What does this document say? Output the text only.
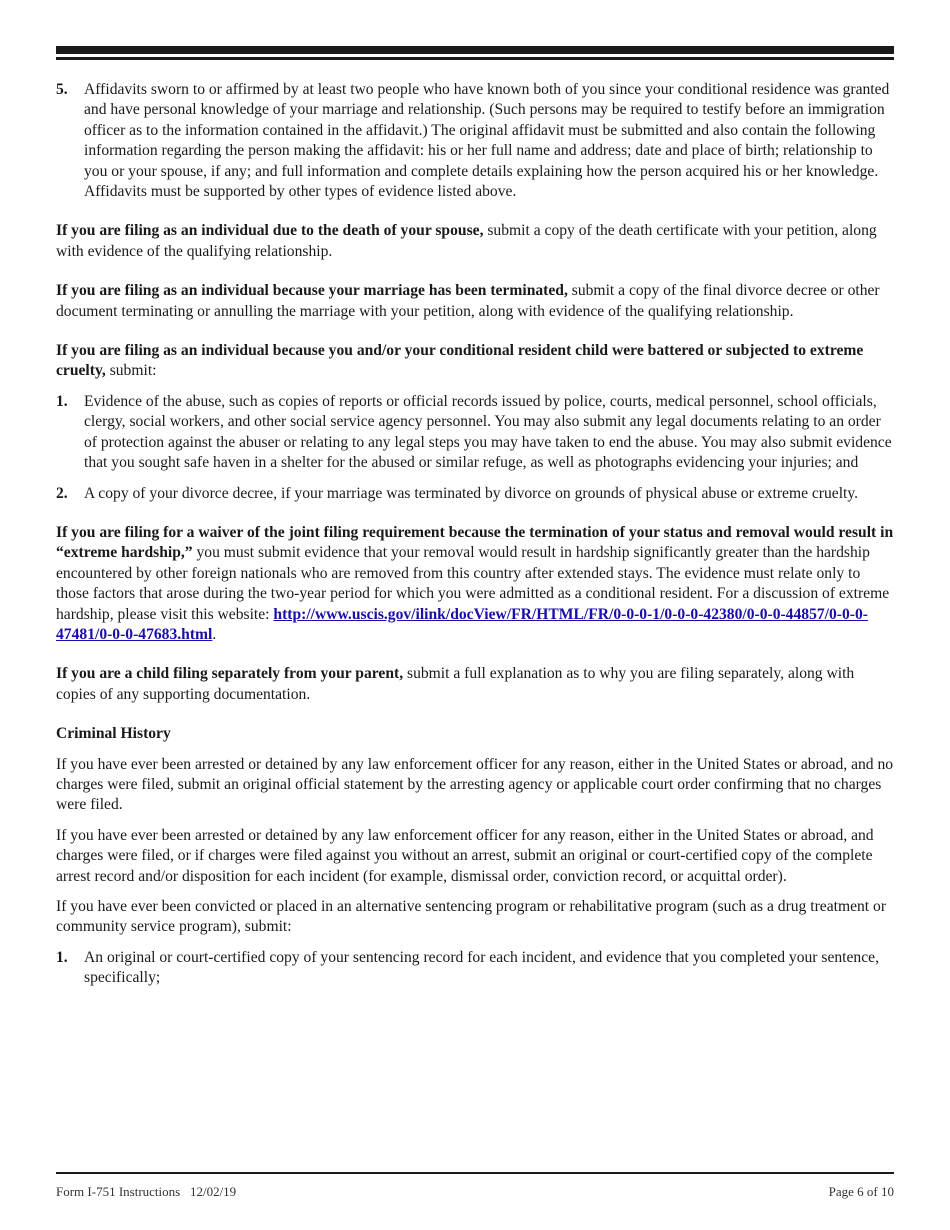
5.	Affidavits sworn to or affirmed by at least two people who have known both of you since your conditional residence was granted and have personal knowledge of your marriage and relationship. (Such persons may be required to testify before an immigration officer as to the information contained in the affidavit.) The original affidavit must be submitted and also contain the following information regarding the person making the affidavit: his or her full name and address; date and place of birth; relationship to you or your spouse, if any; and full information and complete details explaining how the person acquired his or her knowledge. Affidavits must be supported by other types of evidence listed above.

If you are filing as an individual due to the death of your spouse, submit a copy of the death certificate with your petition, along with evidence of the qualifying relationship.

If you are filing as an individual because your marriage has been terminated, submit a copy of the final divorce decree or other document terminating or annulling the marriage with your petition, along with evidence of the qualifying relationship.

If you are filing as an individual because you and/or your conditional resident child were battered or subjected to extreme cruelty, submit:

1.	Evidence of the abuse, such as copies of reports or official records issued by police, courts, medical personnel, school officials, clergy, social workers, and other social service agency personnel. You may also submit any legal documents relating to an order of protection against the abuser or relating to any legal steps you may have taken to end the abuse. You may also submit evidence that you sought safe haven in a shelter for the abused or similar refuge, as well as photographs evidencing your injuries; and
2.	A copy of your divorce decree, if your marriage was terminated by divorce on grounds of physical abuse or extreme cruelty.

If you are filing for a waiver of the joint filing requirement because the termination of your status and removal would result in “extreme hardship,” you must submit evidence that your removal would result in hardship significantly greater than the hardship encountered by other foreign nationals who are removed from this country after extended stays. The evidence must relate only to those factors that arose during the two-year period for which you were admitted as a conditional resident. For a discussion of extreme hardship, please visit this website: http://www.uscis.gov/ilink/docView/FR/HTML/FR/0-0-0-1/0-0-0-42380/0-0-0-44857/0-0-0-47481/0-0-0-47683.html.

If you are a child filing separately from your parent, submit a full explanation as to why you are filing separately, along with copies of any supporting documentation.

Criminal History

If you have ever been arrested or detained by any law enforcement officer for any reason, either in the United States or abroad, and no charges were filed, submit an original official statement by the arresting agency or applicable court order confirming that no charges were filed.

If you have ever been arrested or detained by any law enforcement officer for any reason, either in the United States or abroad, and charges were filed, or if charges were filed against you without an arrest, submit an original or court-certified copy of the complete arrest record and/or disposition for each incident (for example, dismissal order, conviction record, or acquittal order).

If you have ever been convicted or placed in an alternative sentencing program or rehabilitative program (such as a drug treatment or community service program), submit:

1.	An original or court-certified copy of your sentencing record for each incident, and evidence that you completed your sentence, specifically;
Form I-751 Instructions   12/02/19	Page 6 of 10
